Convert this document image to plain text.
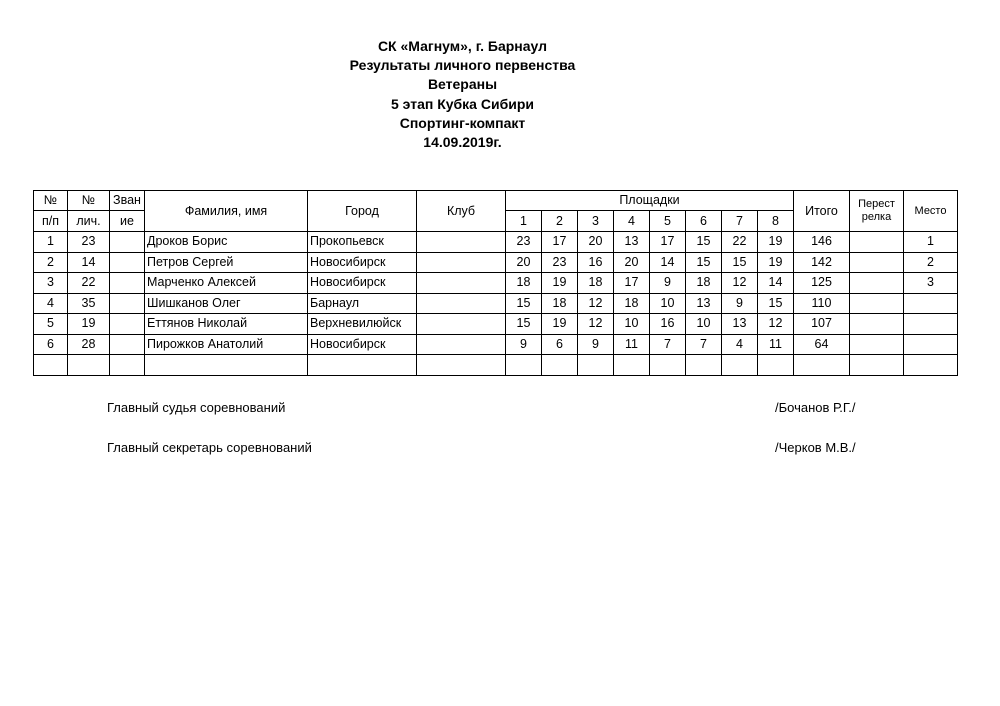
СК «Магнум», г. Барнаул
Результаты личного первенства
Ветераны
5 этап Кубка Сибири
Спортинг-компакт
14.09.2019г.
№	№	Зван	Фамилия, имя	Город	Клуб	Площадки								Итого	Перест
релка	Место
п/п	лич.	ие				1	2	3	4	5	6	7	8			
1	23		Дроков Борис	Прокопьевск		23	17	20	13	17	15	22	19	146		1
2	14		Петров Сергей	Новосибирск		20	23	16	20	14	15	15	19	142		2
3	22		Марченко Алексей	Новосибирск		18	19	18	17	9	18	12	14	125		3
4	35		Шишканов Олег	Барнаул		15	18	12	18	10	13	9	15	110		
5	19		Еттянов Николай	Верхневилюйск		15	19	12	10	16	10	13	12	107		
6	28		Пирожков Анатолий	Новосибирск		9	6	9	11	7	7	4	11	64		

Главный судья соревнований	/Бочанов Р.Г./
Главный секретарь соревнований	/Черков М.В./
